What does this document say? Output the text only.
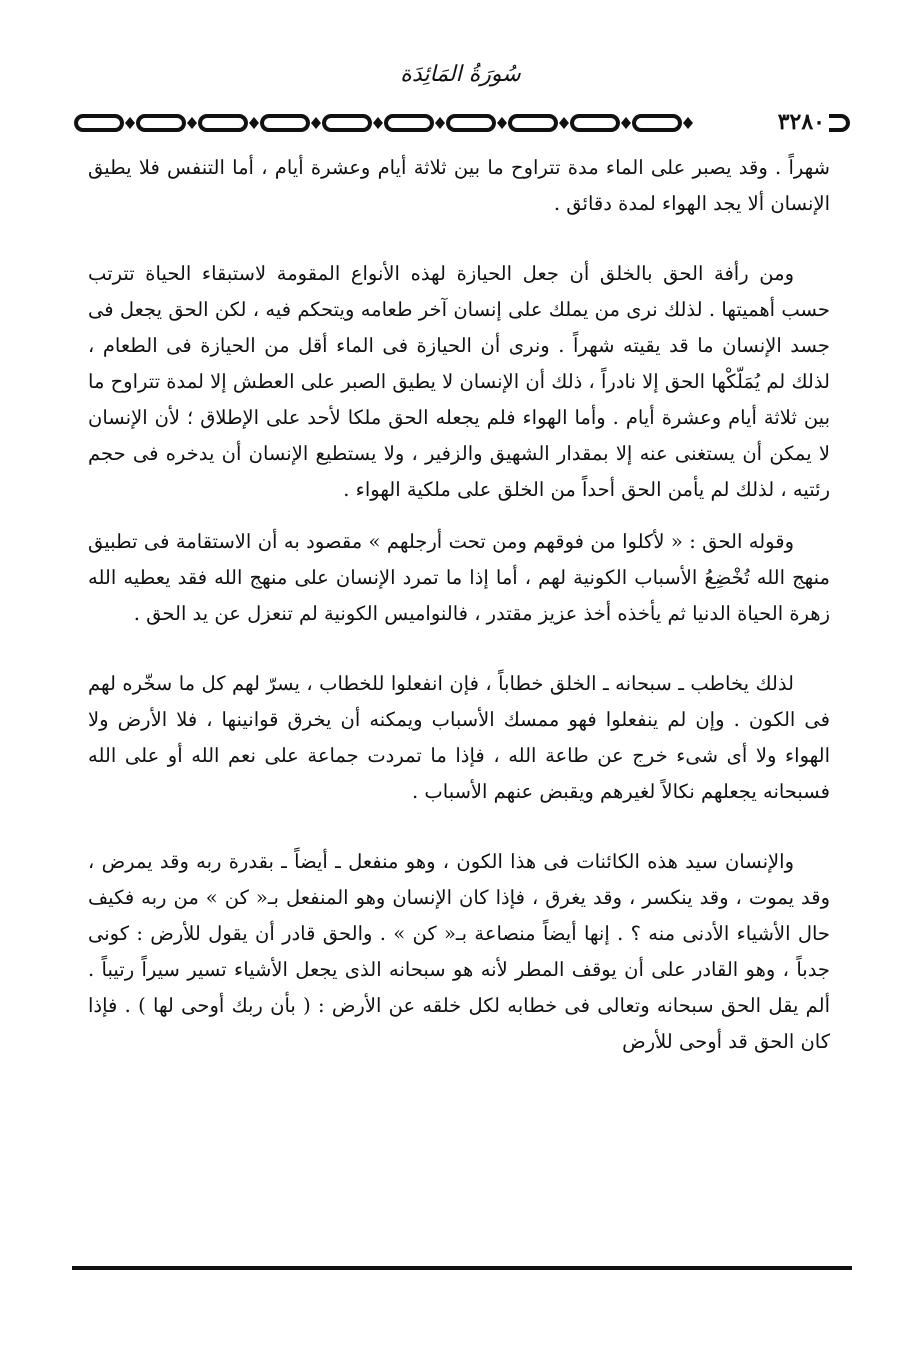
سُورَةُ المَائِدَة
٣٢٨٠

شهراً . وقد يصبر على الماء مدة تتراوح ما بين ثلاثة أيام وعشرة أيام ، أما التنفس فلا يطيق الإنسان ألا يجد الهواء لمدة دقائق .

ومن رأفة الحق بالخلق أن جعل الحيازة لهذه الأنواع المقومة لاستبقاء الحياة تترتب حسب أهميتها . لذلك نرى من يملك على إنسان آخر طعامه ويتحكم فيه ، لكن الحق يجعل فى جسد الإنسان ما قد يقيته شهراً . ونرى أن الحيازة فى الماء أقل من الحيازة فى الطعام ، لذلك لم يُمَلّكْها الحق إلا نادراً ، ذلك أن الإنسان لا يطيق الصبر على العطش إلا لمدة تتراوح ما بين ثلاثة أيام وعشرة أيام . وأما الهواء فلم يجعله الحق ملكا لأحد على الإطلاق ؛ لأن الإنسان لا يمكن أن يستغنى عنه إلا بمقدار الشهيق والزفير ، ولا يستطيع الإنسان أن يدخره فى حجم رئتيه ، لذلك لم يأمن الحق أحداً من الخلق على ملكية الهواء .

وقوله الحق : « لأكلوا من فوقهم ومن تحت أرجلهم » مقصود به أن الاستقامة فى تطبيق منهج الله تُخْضِعُ الأسباب الكونية لهم ، أما إذا ما تمرد الإنسان على منهج الله فقد يعطيه الله زهرة الحياة الدنيا ثم يأخذه أخذ عزيز مقتدر ، فالنواميس الكونية لم تنعزل عن يد الحق .

لذلك يخاطب ـ سبحانه ـ الخلق خطاباً ، فإن انفعلوا للخطاب ، يسرّ لهم كل ما سخّره لهم فى الكون . وإن لم ينفعلوا فهو ممسك الأسباب ويمكنه أن يخرق قوانينها ، فلا الأرض ولا الهواء ولا أى شىء خرج عن طاعة الله ، فإذا ما تمردت جماعة على نعم الله أو على الله فسبحانه يجعلهم نكالاً لغيرهم ويقبض عنهم الأسباب .

والإنسان سيد هذه الكائنات فى هذا الكون ، وهو منفعل ـ أيضاً ـ بقدرة ربه وقد يمرض ، وقد يموت ، وقد ينكسر ، وقد يغرق ، فإذا كان الإنسان وهو المنفعل بـ« كن » من ربه فكيف حال الأشياء الأدنى منه ؟ . إنها أيضاً منصاعة بـ« كن » . والحق قادر أن يقول للأرض : كونى جدباً ، وهو القادر على أن يوقف المطر لأنه هو سبحانه الذى يجعل الأشياء تسير سيراً رتيباً . ألم يقل الحق سبحانه وتعالى فى خطابه لكل خلقه عن الأرض : ( بأن ربك أوحى لها ) . فإذا كان الحق قد أوحى للأرض
